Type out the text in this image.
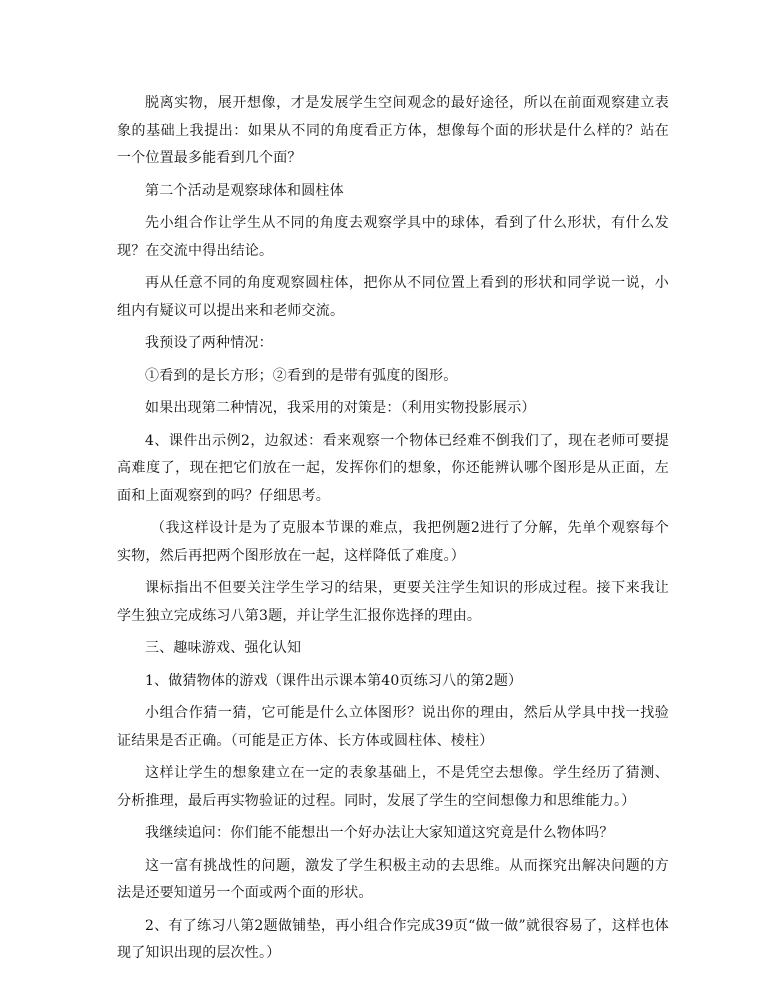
脱离实物，展开想像，才是发展学生空间观念的最好途径，所以在前面观察建立表象的基础上我提出：如果从不同的角度看正方体，想像每个面的形状是什么样的？站在一个位置最多能看到几个面？

第二个活动是观察球体和圆柱体

先小组合作让学生从不同的角度去观察学具中的球体，看到了什么形状，有什么发现？在交流中得出结论。

再从任意不同的角度观察圆柱体，把你从不同位置上看到的形状和同学说一说，小组内有疑议可以提出来和老师交流。

我预设了两种情况：

①看到的是长方形；②看到的是带有弧度的图形。

如果出现第二种情况，我采用的对策是：（利用实物投影展示）

4、课件出示例2，边叙述：看来观察一个物体已经难不倒我们了，现在老师可要提高难度了，现在把它们放在一起，发挥你们的想象，你还能辨认哪个图形是从正面，左面和上面观察到的吗？仔细思考。

（我这样设计是为了克服本节课的难点，我把例题2进行了分解，先单个观察每个实物，然后再把两个图形放在一起，这样降低了难度。）

课标指出不但要关注学生学习的结果，更要关注学生知识的形成过程。接下来我让学生独立完成练习八第3题，并让学生汇报你选择的理由。

三、趣味游戏、强化认知

1、做猜物体的游戏（课件出示课本第40页练习八的第2题）

小组合作猜一猜，它可能是什么立体图形？说出你的理由，然后从学具中找一找验证结果是否正确。（可能是正方体、长方体或圆柱体、棱柱）

这样让学生的想象建立在一定的表象基础上，不是凭空去想像。学生经历了猜测、分析推理，最后再实物验证的过程。同时，发展了学生的空间想像力和思维能力。）

我继续追问：你们能不能想出一个好办法让大家知道这究竟是什么物体吗？

这一富有挑战性的问题，激发了学生积极主动的去思维。从而探究出解决问题的方法是还要知道另一个面或两个面的形状。

2、有了练习八第2题做铺垫，再小组合作完成39页“做一做”就很容易了，这样也体现了知识出现的层次性。）
